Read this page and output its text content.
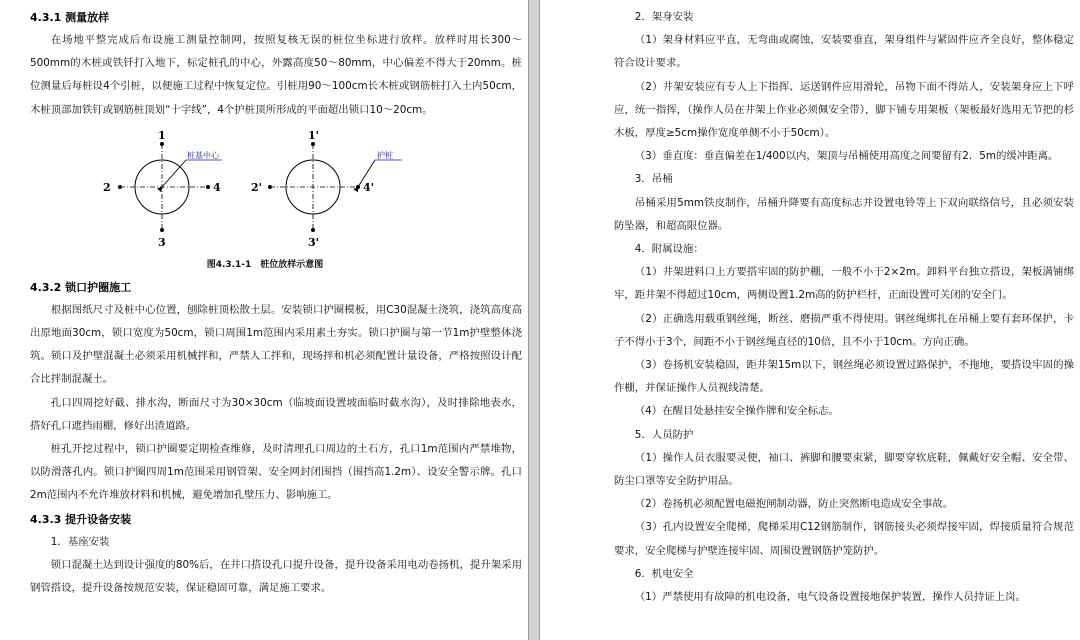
4.3.1 测量放样

在场地平整完成后布设施工测量控制网，按照复核无误的桩位坐标进行放样。放样时用长300～500mm的木桩或铁钎打入地下，标定桩孔的中心，外露高度50～80mm，中心偏差不得大于20mm。桩位测量后每桩设4个引桩，以便施工过程中恢复定位。引桩用90～100cm长木桩或钢筋桩打入土内50cm，木桩顶部加铁钉或钢筋桩顶划“十字线”，4个护桩顶所形成的平面超出锁口10～20cm。

桩基中心
1
3
2	4
护桩
1'
3'
2'	4'
图4.3.1-1　桩位放样示意图
4.3.2 锁口护圈施工

根据图纸尺寸及桩中心位置，刨除桩顶松散土层。安装锁口护圈模板，用C30混凝土浇筑，浇筑高度高出原地面30cm，锁口宽度为50cm，锁口周围1m范围内采用素土夯实。锁口护圈与第一节1m护壁整体浇筑。锁口及护壁混凝土必须采用机械拌和，严禁人工拌和，现场拌和机必须配置计量设备，严格按照设计配合比拌制混凝土。

孔口四周挖好截、排水沟，断面尺寸为30×30cm（临坡面设置坡面临时截水沟），及时排除地表水，搭好孔口遮挡雨棚，修好出渣道路。

桩孔开挖过程中，锁口护圈要定期检查维修，及时清理孔口周边的土石方，孔口1m范围内严禁堆物，以防滑落孔内。锁口护圈四周1m范围采用钢管架、安全网封闭围挡（围挡高1.2m）、设安全警示牌。孔口2m范围内不允许堆放材料和机械，避免增加孔壁压力、影响施工。

4.3.3 提升设备安装
1．基座安装

锁口混凝土达到设计强度的80%后，在井口搭设孔口提升设备，提升设备采用电动卷扬机，提升架采用钢管搭设，提升设备按规范安装，保证稳固可靠，满足施工要求。

2．架身安装

（1）架身材料应平直，无弯曲或腐蚀，安装要垂直，架身组件与紧固件应齐全良好，整体稳定符合设计要求。

（2）井架安装应有专人上下指挥、运送钢件应用滑轮，吊物下面不得站人，安装架身应上下呼应，统一指挥，（操作人员在井架上作业必须佩安全带），脚下铺专用架板（架板最好选用无节把的杉木板，厚度≥5cm操作宽度单侧不小于50cm）。

（3）垂直度：垂直偏差在1/400以内，架顶与吊桶使用高度之间要留有2．5m的缓冲距离。

3．吊桶

吊桶采用5mm铁皮制作，吊桶升降要有高度标志并设置电铃等上下双向联络信号，且必须安装防坠器，和超高限位器。

4．附属设施：

（1）井架进料口上方要搭牢固的防护棚，一般不小于2×2m。卸料平台独立搭设，架板满铺绑牢，距井架不得超过10cm，两侧设置1.2m高的防护栏杆，正面设置可关闭的安全门。

（2）正确选用载重钢丝绳，断丝、磨损严重不得使用。钢丝绳绑扎在吊桶上要有套环保护，卡子不得小于3个，间距不小于钢丝绳直径的10倍，且不小于10cm。方向正确。

（3）卷扬机安装稳固，距井架15m以下，钢丝绳必须设置过路保护，不拖地，要搭设牢固的操作棚，并保证操作人员视线清楚。

（4）在醒目处悬挂安全操作牌和安全标志。

5．人员防护

（1）操作人员衣服要灵便，袖口、裤脚和腰要束紧，脚要穿软底鞋，佩戴好安全帽、安全带、防尘口罩等安全防护用品。

（2）卷扬机必须配置电磁抱闸制动器，防止突然断电造成安全事故。

（3）孔内设置安全爬梯，爬梯采用C12钢筋制作，钢筋接头必须焊接牢固，焊接质量符合规范要求，安全爬梯与护壁连接牢固、周围设置钢筋护笼防护。

6．机电安全

（1）严禁使用有故障的机电设备，电气设备设置接地保护装置，操作人员持证上岗。
